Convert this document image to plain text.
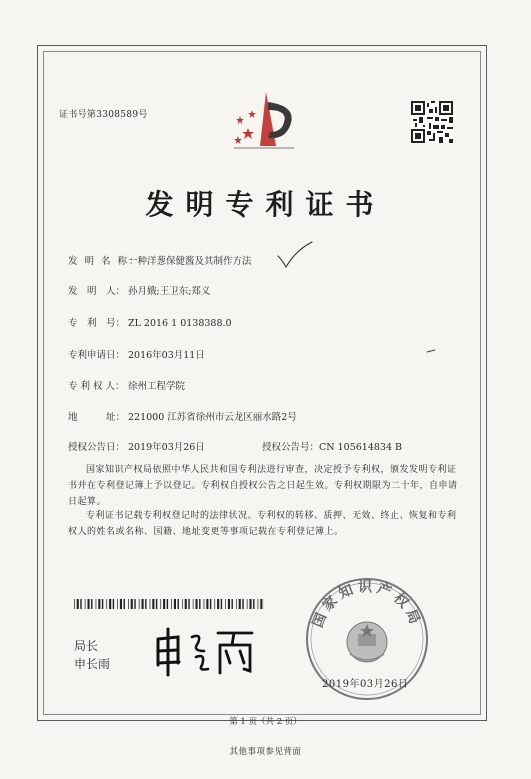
证书号第3308589号
发明专利证书
发 明 名 称：一种洋葱保健酱及其制作方法
发　明　人： 孙月娥;王卫东;郑义
专　利　号： ZL 2016 1 0138388.0
专利申请日： 2016年03月11日
专 利 权 人： 徐州工程学院
地　　　址： 221000 江苏省徐州市云龙区丽水路2号
授权公告日： 2019年03月26日	授权公告号：CN 105614834 B
国家知识产权局依照中华人民共和国专利法进行审查，决定授予专利权，颁发发明专利证书并在专利登记簿上予以登记。专利权自授权公告之日起生效。专利权期限为二十年，自申请日起算。
专利证书记载专利权登记时的法律状况。专利权的转移、质押、无效、终止、恢复和专利权人的姓名或名称、国籍、地址变更等事项记载在专利登记簿上。
局长
申长雨
国家知识产权局
2019年03月26日
第 1 页（共 2 页）
其他事项参见背面
